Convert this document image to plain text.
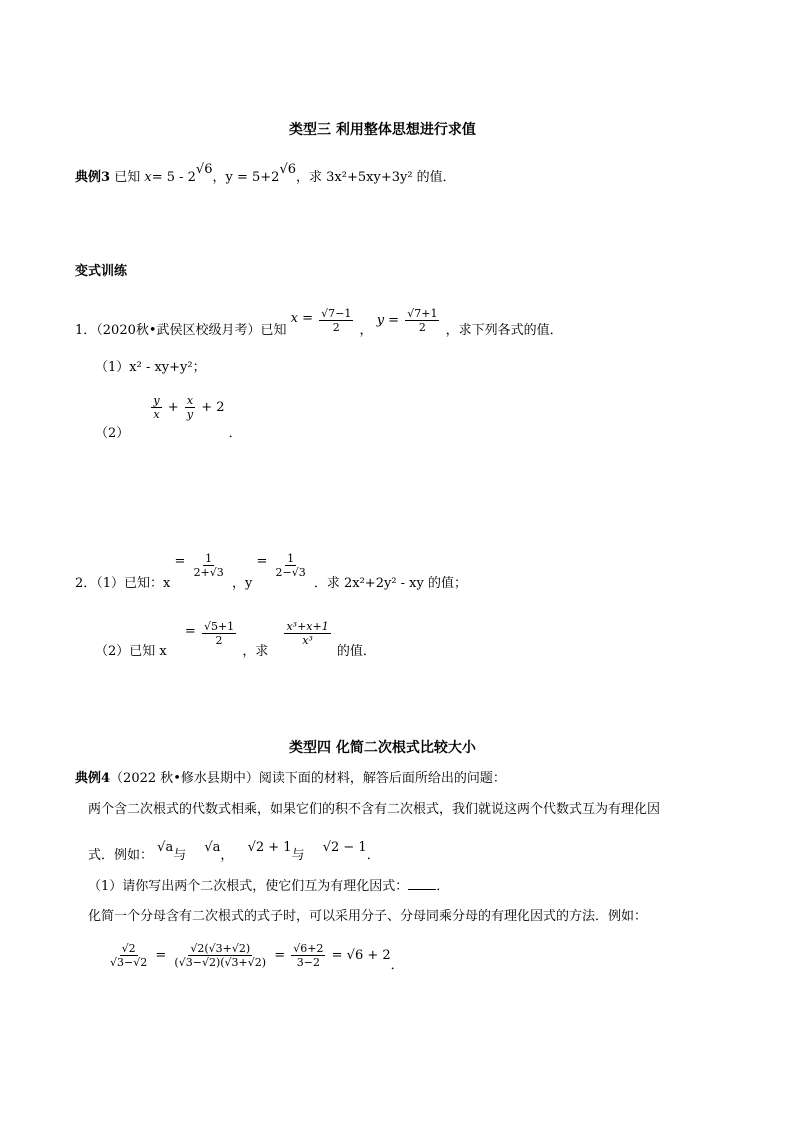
类型三 利用整体思想进行求值
典例3 已知 x= 5 - 2√6，y = 5+2√6，求 3x²+5xy+3y² 的值．
变式训练
1．（2020秋•武侯区校级月考）已知 $x = \frac{√7-1}{2}$ ， $y = \frac{√7+1}{2}$ ，求下列各式的值．
（1）x² - xy+y²；
（2）
$\frac{y}{x} + \frac{x}{y} + 2$ ．
2．（1）已知：$x = \frac{1}{2+√3}$
，$y = \frac{1}{2-√3}$
．求 2x²+2y² - xy 的值；
（2）已知 $x = \frac{√5+1}{2}$
，求
$\frac{\text{x³+x+1}}{\text{x³}}$
的值．
类型四 化简二次根式比较大小
典例4（2022 秋•修水县期中）阅读下面的材料，解答后面所给出的问题：
两个含二次根式的代数式相乘，如果它们的积不含有二次根式，我们就说这两个代数式互为有理化因
式．例如： √a与 √a， √2 + 1与 √2 − 1．
（1）请你写出两个二次根式，使它们互为有理化因式： ．
化简一个分母含有二次根式的式子时，可以采用分子、分母同乘分母的有理化因式的方法．例如：
$\frac{√2}{√3-√2} = \frac{√2(√3+√2)}{(√3-√2)(√3+√2)} = \frac{√6+2}{3-2} = √6 + 2$．
